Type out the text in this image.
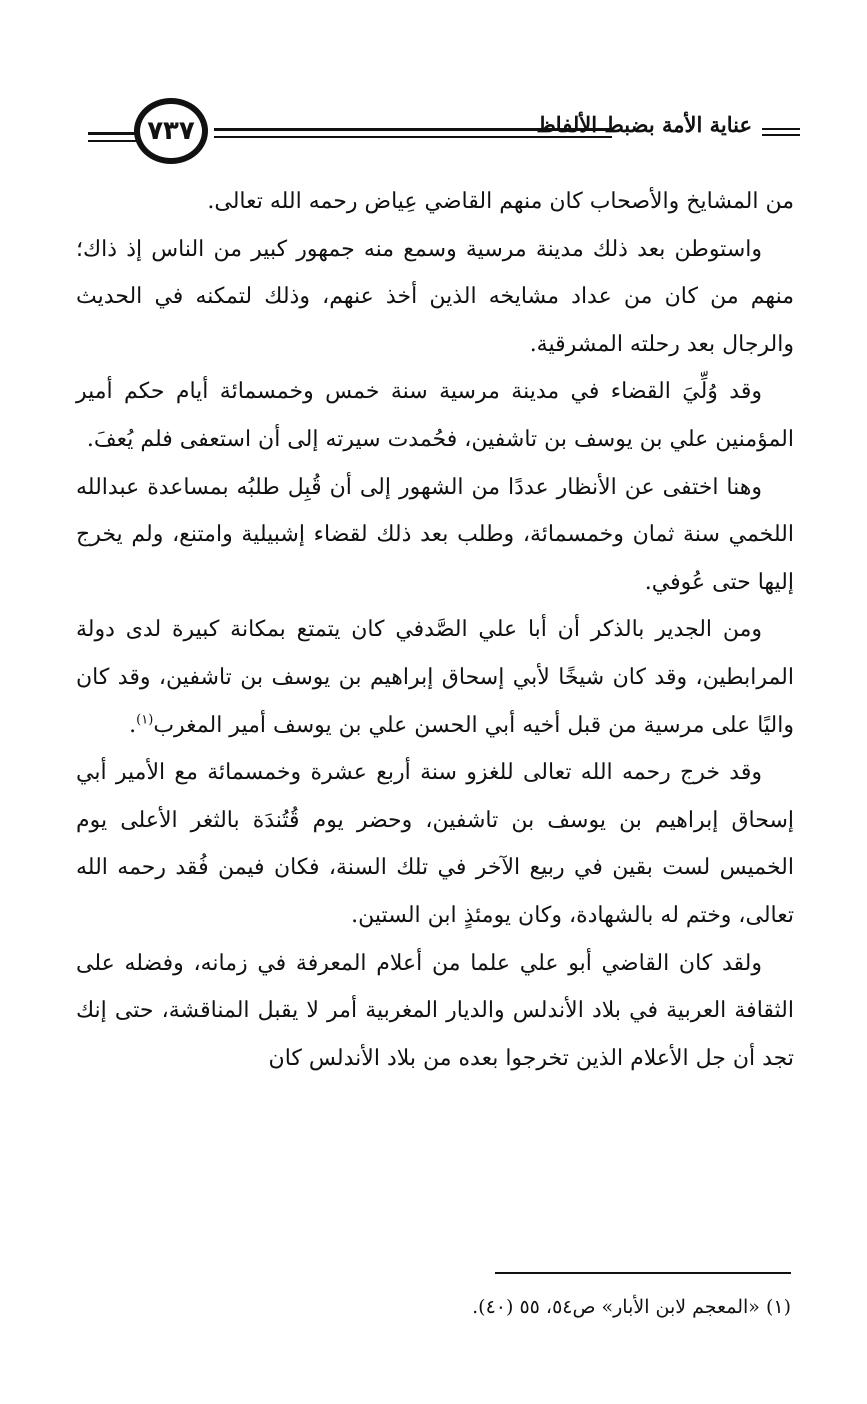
٧٣٧	عناية الأمة بضبط الألفاظ

من المشايخ والأصحاب كان منهم القاضي عِياض رحمه الله تعالى.

واستوطن بعد ذلك مدينة مرسية وسمع منه جمهور كبير من الناس إذ ذاك؛ منهم من كان من عداد مشايخه الذين أخذ عنهم، وذلك لتمكنه في الحديث والرجال بعد رحلته المشرقية.

وقد وُلِّيَ القضاء في مدينة مرسية سنة خمس وخمسمائة أيام حكم أمير المؤمنين علي بن يوسف بن تاشفين، فحُمدت سيرته إلى أن استعفى فلم يُعفَ.

وهنا اختفى عن الأنظار عددًا من الشهور إلى أن قُبِل طلبُه بمساعدة عبدالله اللخمي سنة ثمان وخمسمائة، وطلب بعد ذلك لقضاء إشبيلية وامتنع، ولم يخرج إليها حتى عُوفي.

ومن الجدير بالذكر أن أبا علي الصَّدفي كان يتمتع بمكانة كبيرة لدى دولة المرابطين، وقد كان شيخًا لأبي إسحاق إبراهيم بن يوسف بن تاشفين، وقد كان واليًا على مرسية من قبل أخيه أبي الحسن علي بن يوسف أمير المغرب$^{(١)}$.

وقد خرج رحمه الله تعالى للغزو سنة أربع عشرة وخمسمائة مع الأمير أبي إسحاق إبراهيم بن يوسف بن تاشفين، وحضر يوم قُتُندَة بالثغر الأعلى يوم الخميس لست بقين في ربيع الآخر في تلك السنة، فكان فيمن فُقد رحمه الله تعالى، وختم له بالشهادة، وكان يومئذٍ ابن الستين.

ولقد كان القاضي أبو علي علما من أعلام المعرفة في زمانه، وفضله على الثقافة العربية في بلاد الأندلس والديار المغربية أمر لا يقبل المناقشة، حتى إنك تجد أن جل الأعلام الذين تخرجوا بعده من بلاد الأندلس كان

(١) «المعجم لابن الأبار» ص٥٤، ٥٥ (٤٠).
